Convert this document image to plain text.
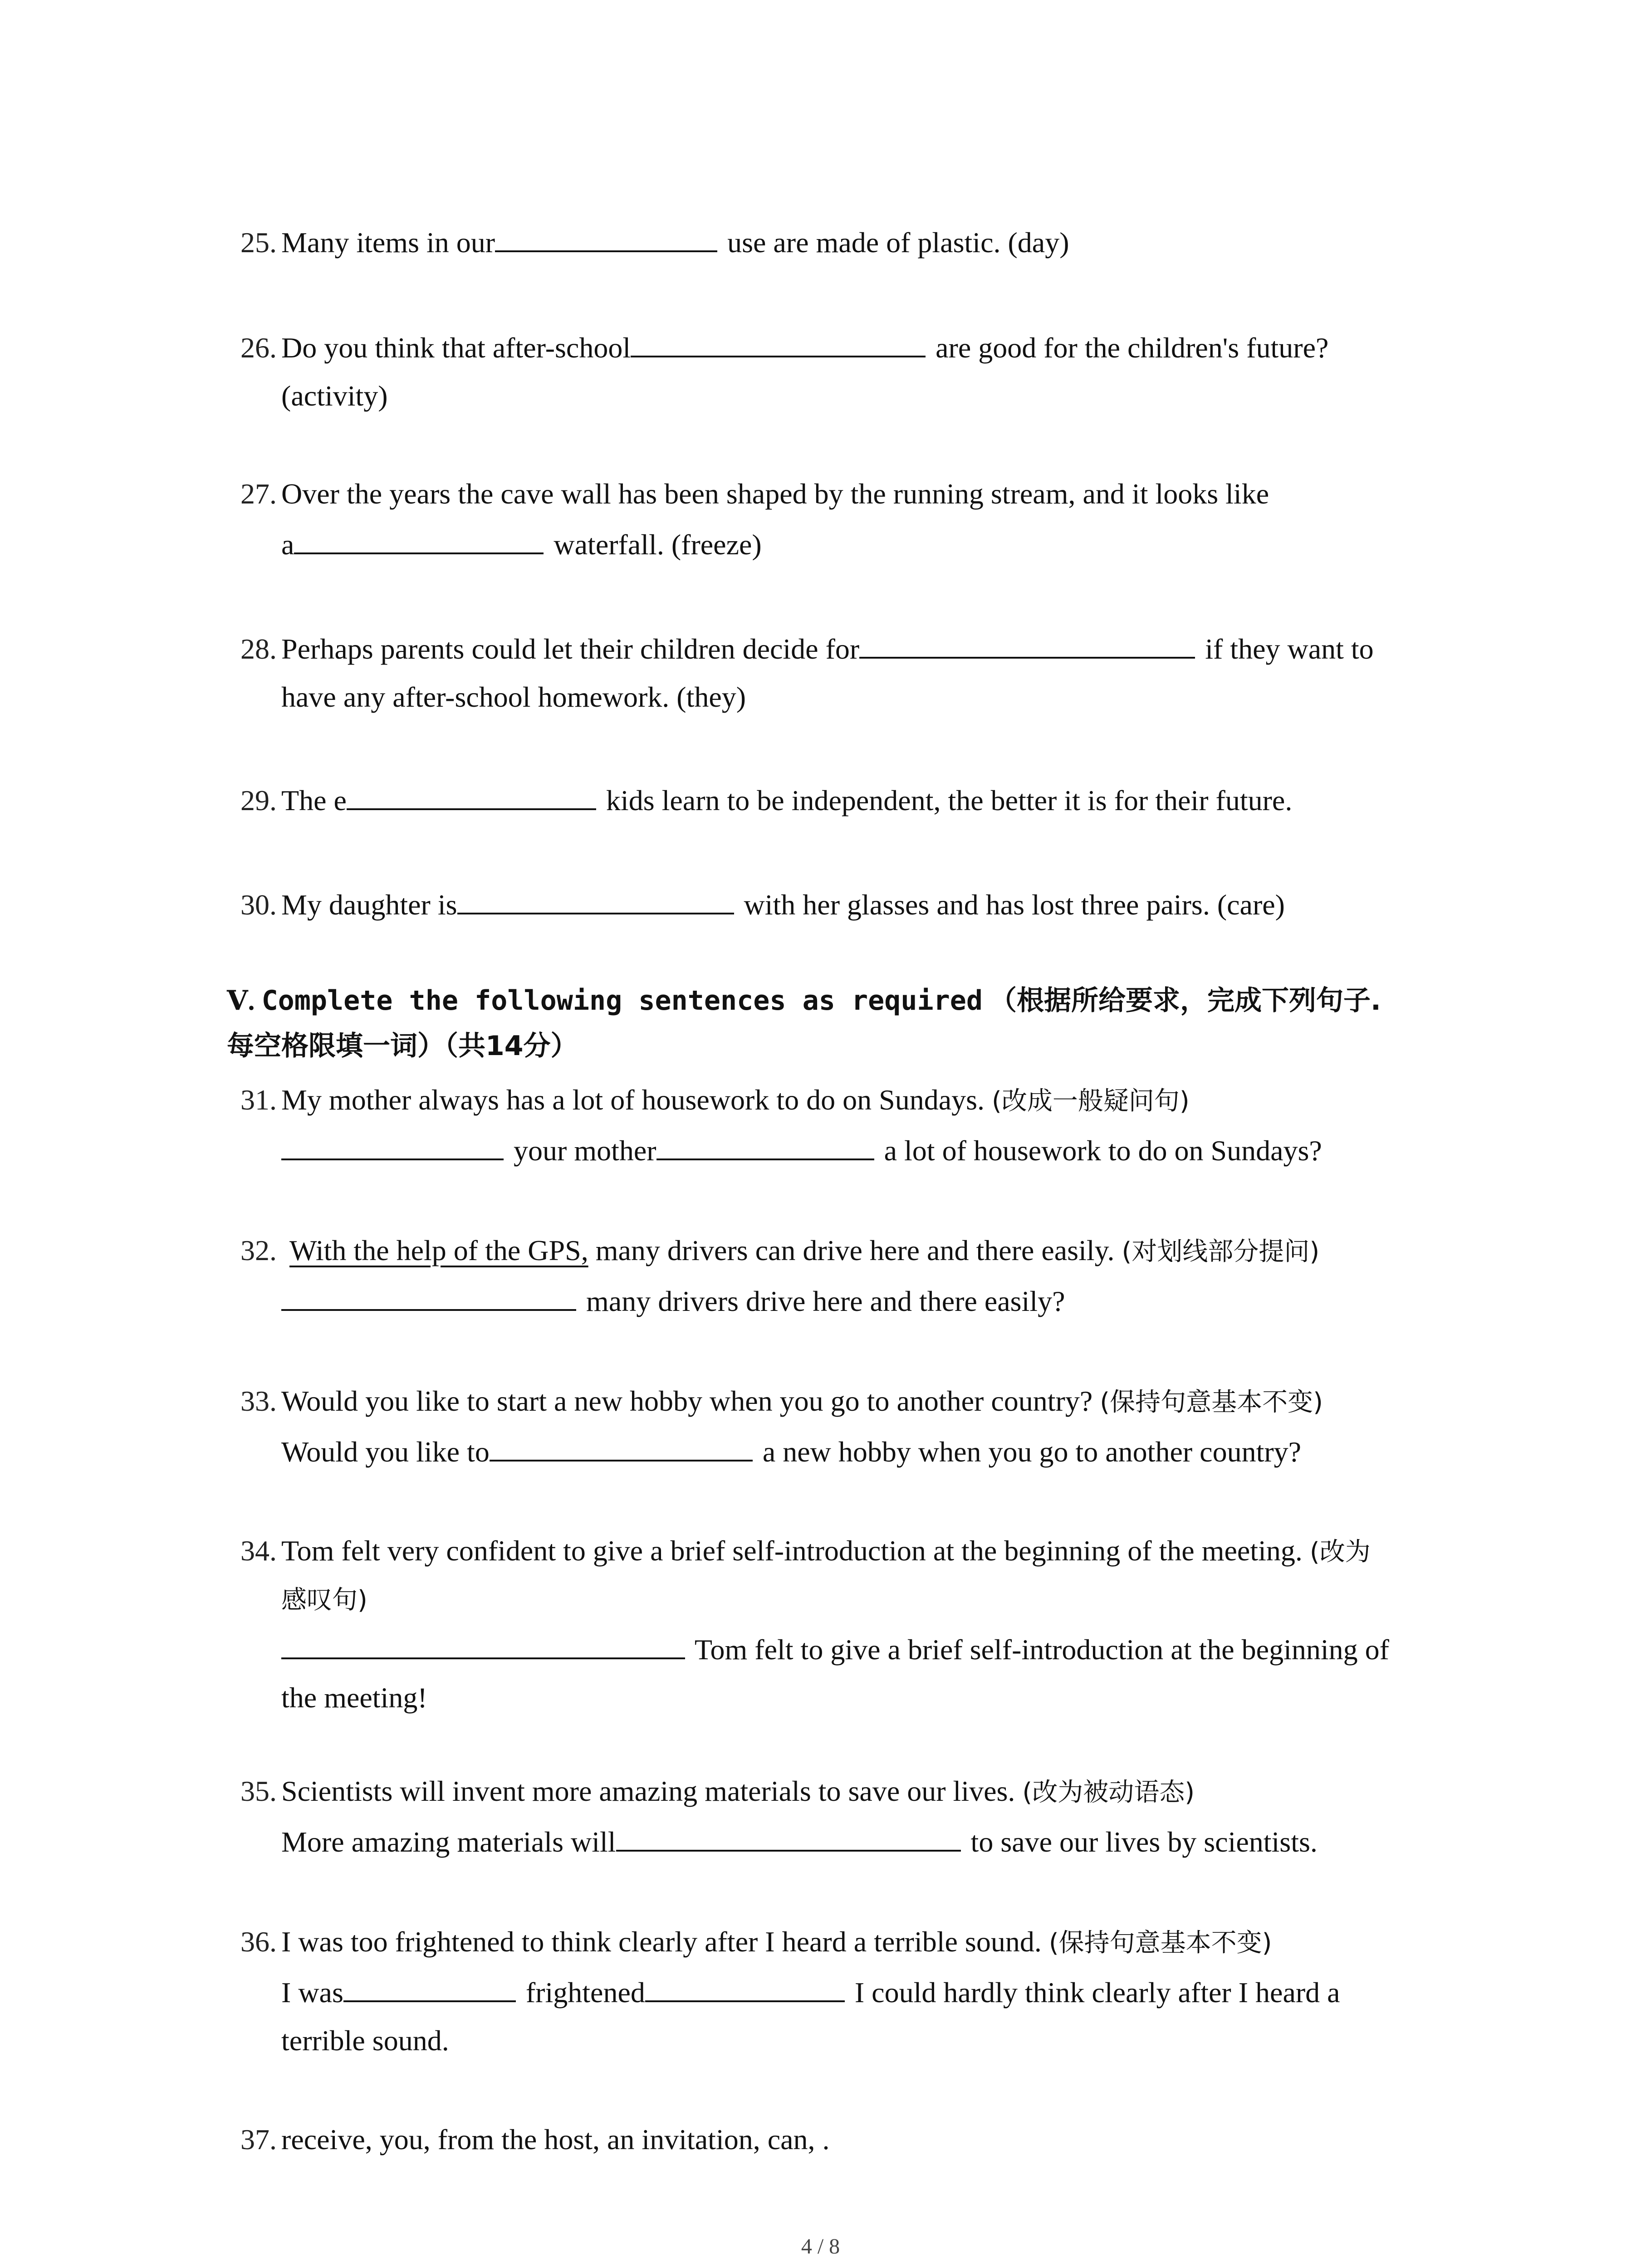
25. Many items in our	use are made of plastic. (day)
26. Do you think that after-school	are good for the children's future?
(activity)
27. Over the years the cave wall has been shaped by the running stream, and it looks like
a	waterfall. (freeze)
28. Perhaps parents could let their children decide for	if they want to
have any after-school homework. (they)
29. The e	kids learn to be independent, the better it is for their future.
30. My daughter is	with her glasses and has lost three pairs. (care)
Ⅴ. Complete the following sentences as required （根据所给要求，完成下列句子.
每空格限填一词）（共14分）
31. My mother always has a lot of housework to do on Sundays. (改成一般疑问句)
your mother	a lot of housework to do on Sundays?
32. With the help of the GPS, many drivers can drive here and there easily. (对划线部分提问)
many drivers drive here and there easily?
33. Would you like to start a new hobby when you go to another country? (保持句意基本不变)
Would you like to	a new hobby when you go to another country?
34. Tom felt very confident to give a brief self-introduction at the beginning of the meeting. (改为
感叹句)
Tom felt to give a brief self-introduction at the beginning of
the meeting!
35. Scientists will invent more amazing materials to save our lives. (改为被动语态)
More amazing materials will	to save our lives by scientists.
36. I was too frightened to think clearly after I heard a terrible sound. (保持句意基本不变)
I was	frightened	I could hardly think clearly after I heard a
terrible sound.
37. receive, you, from the host, an invitation, can, .
4 / 8
